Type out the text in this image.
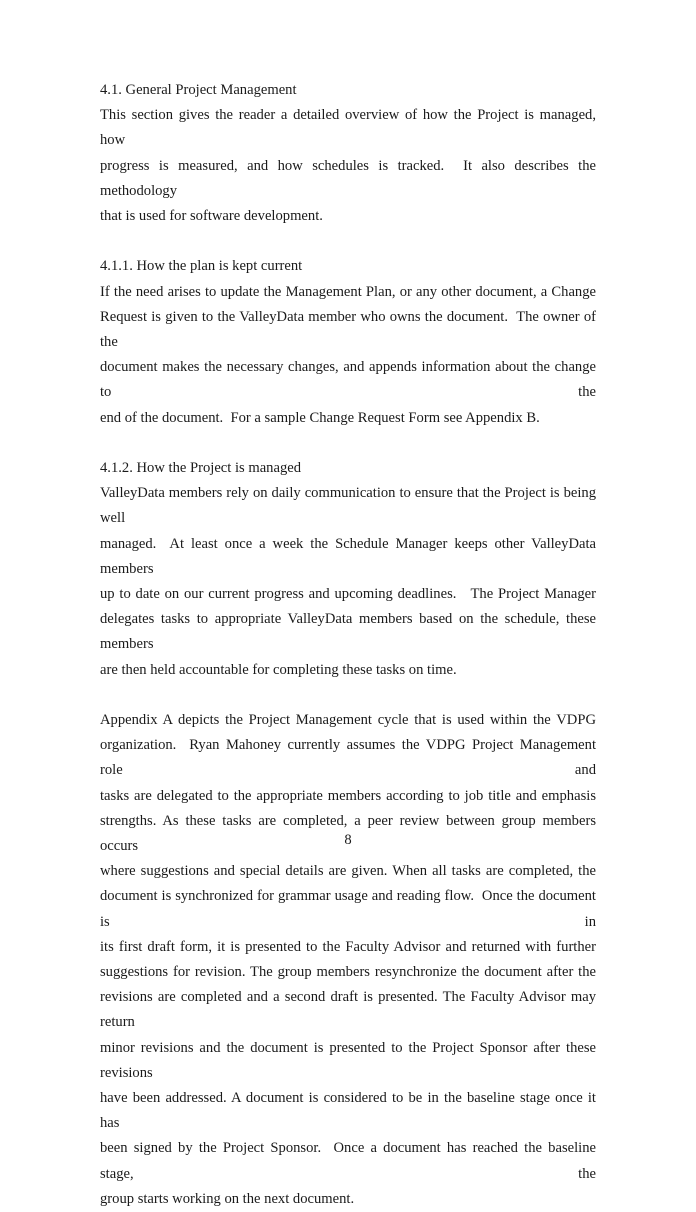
4.1. General Project Management
This section gives the reader a detailed overview of how the Project is managed, how
progress is measured, and how schedules is tracked.  It also describes the methodology
that is used for software development.
4.1.1. How the plan is kept current
If the need arises to update the Management Plan, or any other document, a Change
Request is given to the ValleyData member who owns the document.  The owner of the
document makes the necessary changes, and appends information about the change to the
end of the document.  For a sample Change Request Form see Appendix B.
4.1.2. How the Project is managed
ValleyData members rely on daily communication to ensure that the Project is being well
managed.  At least once a week the Schedule Manager keeps other ValleyData members
up to date on our current progress and upcoming deadlines.   The Project Manager
delegates tasks to appropriate ValleyData members based on the schedule, these members
are then held accountable for completing these tasks on time.
Appendix A depicts the Project Management cycle that is used within the VDPG
organization.  Ryan Mahoney currently assumes the VDPG Project Management role and
tasks are delegated to the appropriate members according to job title and emphasis
strengths. As these tasks are completed, a peer review between group members occurs
where suggestions and special details are given. When all tasks are completed, the
document is synchronized for grammar usage and reading flow.  Once the document is in
its first draft form, it is presented to the Faculty Advisor and returned with further
suggestions for revision. The group members resynchronize the document after the
revisions are completed and a second draft is presented. The Faculty Advisor may return
minor revisions and the document is presented to the Project Sponsor after these revisions
have been addressed. A document is considered to be in the baseline stage once it has
been signed by the Project Sponsor.  Once a document has reached the baseline stage, the
group starts working on the next document.
8
